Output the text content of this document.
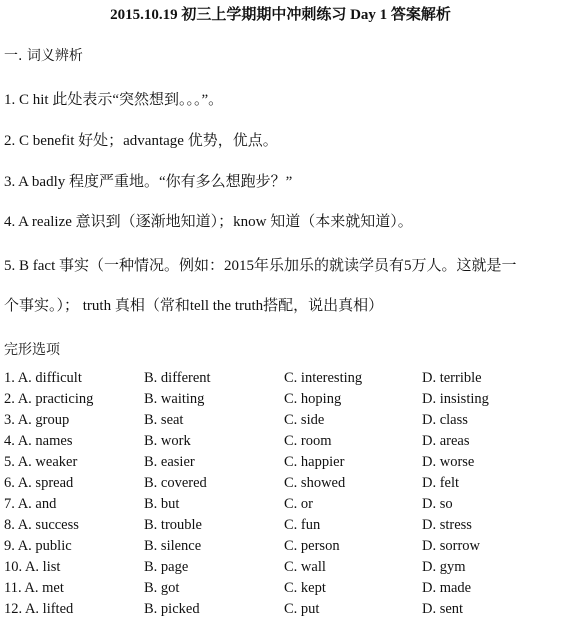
2015.10.19 初三上学期期中冲刺练习 Day 1 答案解析
一. 词义辨析
1. C hit 此处表示“突然想到。。。”。
2. C benefit 好处；advantage 优势，优点。
3. A badly 程度严重地。“你有多么想跑步？”
4. A realize 意识到（逐渐地知道）；know 知道（本来就知道）。
5. B fact 事实（一种情况。例如：2015年乐加乐的就读学员有5万人。这就是一
个事实。）； truth 真相（常和tell the truth搭配，说出真相）
完形选项
1. A. difficult	B. different	C. interesting	D. terrible
2. A. practicing	B. waiting	C. hoping	D. insisting
3. A. group	B. seat	C. side	D. class
4. A. names	B. work	C. room	D. areas
5. A. weaker	B. easier	C. happier	D. worse
6. A. spread	B. covered	C. showed	D. felt
7. A. and	B. but	C. or	D. so
8. A. success	B. trouble	C. fun	D. stress
9. A. public	B. silence	C. person	D. sorrow
10. A. list	B. page	C. wall	D. gym
11. A. met	B. got	C. kept	D. made
12. A. lifted	B. picked	C. put	D. sent
